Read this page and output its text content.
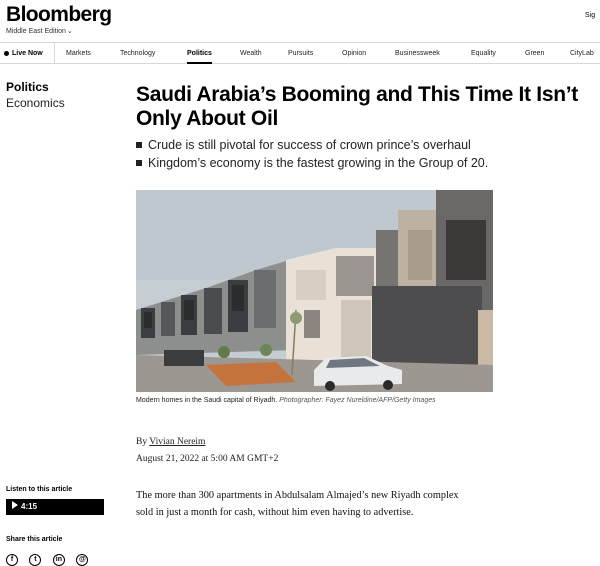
Bloomberg
Middle East Edition⌄
Sig
Live Now	Markets	Technology	Politics	Wealth	Pursuits	Opinion	Businessweek	Equality	Green	CityLab
Politics
Economics	Saudi Arabia’s Booming and This Time It Isn’t Only About Oil
Crude is still pivotal for success of crown prince’s overhaul
Kingdom’s economy is the fastest growing in the Group of 20.
Modern homes in the Saudi capital of Riyadh. Photographer: Fayez Nureldine/AFP/Getty Images
By Vivian Nereim
August 21, 2022 at 5:00 AM GMT+2
Listen to this article
4:15
Share this article
f	t	in @

The more than 300 apartments in Abdulsalam Almajed’s new Riyadh complex sold in just a month for cash, without him even having to advertise.
